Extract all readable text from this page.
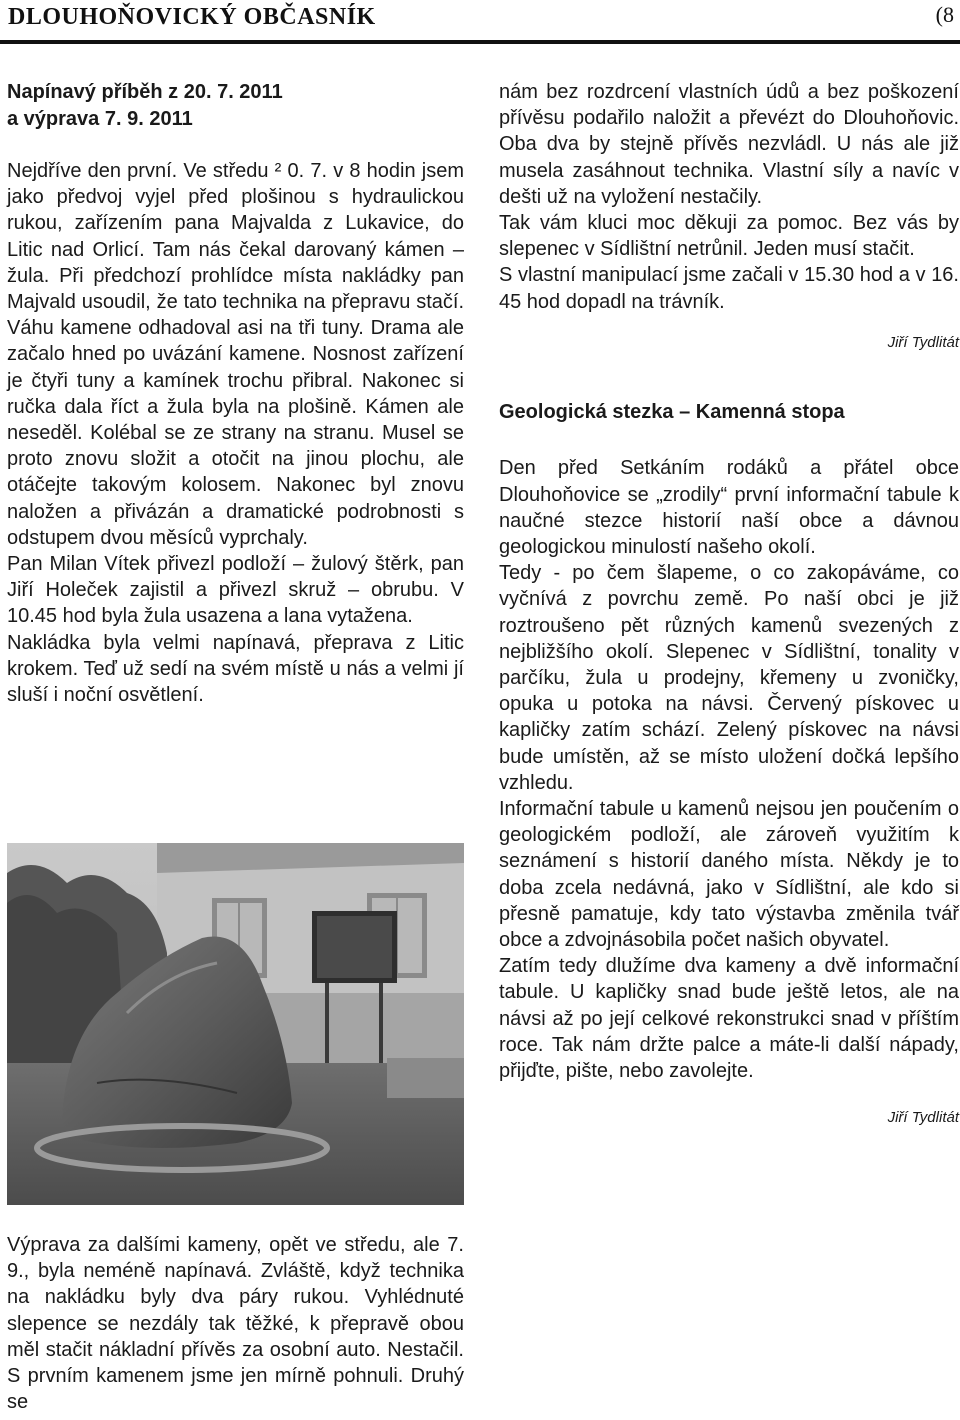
DLOUHOŇOVICKÝ OBČASNÍK	(8

Napínavý příběh z 20. 7. 2011

a výprava 7. 9. 2011

Nejdříve den první. Ve středu ² 0. 7. v 8 hodin jsem jako předvoj vyjel před plošinou s hydraulickou rukou, zařízením pana Majvalda z Lukavice, do Litic nad Orlicí. Tam nás čekal darovaný kámen – žula. Při předchozí prohlídce místa nakládky pan Majvald usoudil, že tato technika na přepravu stačí. Váhu kamene odhadoval asi na tři tuny. Drama ale začalo hned po uvázání kamene. Nosnost zařízení je čtyři tuny a kamínek trochu přibral. Nakonec si ručka dala říct a žula byla na plošině. Kámen ale neseděl. Kolébal se ze strany na stranu. Musel se proto znovu složit a otočit na jinou plochu, ale otáčejte takovým kolosem. Nakonec byl znovu naložen a přivázán a dramatické podrobnosti s odstupem dvou měsíců vyprchaly.

Pan Milan Vítek přivezl podloží – žulový štěrk, pan Jiří Holeček zajistil a přivezl skruž – obrubu. V 10.45 hod byla žula usazena a lana vytažena.

Nakládka byla velmi napínavá, přeprava z Litic krokem. Teď už sedí na svém místě u nás a velmi jí sluší i noční osvětlení.

Výprava za dalšími kameny, opět ve středu, ale 7. 9., byla neméně napínavá. Zvláště, když technika na nakládku byly dva páry rukou. Vyhlédnuté slepence se nezdály tak těžké, k přepravě obou měl stačit nákladní přívěs za osobní auto. Nestačil. S prvním kamenem jsme jen mírně pohnuli. Druhý se

nám bez rozdrcení vlastních údů a bez poškození přívěsu podařilo naložit a převézt do Dlouhoňovic. Oba dva by stejně přívěs nezvládl. U nás ale již musela zasáhnout technika. Vlastní síly a navíc v dešti už na vyložení nestačily.

Tak vám kluci moc děkuji za pomoc. Bez vás by slepenec v Sídlištní netrůnil. Jeden musí stačit.

S vlastní manipulací jsme začali v 15.30 hod a v 16. 45 hod dopadl na trávník.

Jiří Tydlitát

Geologická stezka – Kamenná stopa

Den před Setkáním rodáků a přátel obce Dlouhoňovice se „zrodily“ první informační tabule k naučné stezce historií naší obce a dávnou geologickou minulostí našeho okolí.

Tedy - po čem šlapeme, o co zakopáváme, co vyčnívá z povrchu země. Po naší obci je již roztroušeno pět různých kamenů svezených z nejbližšího okolí. Slepenec v Sídlištní, tonality v parčíku, žula u prodejny, křemeny u zvoničky, opuka u potoka na návsi. Červený pískovec u kapličky zatím schází. Zelený pískovec na návsi bude umístěn, až se místo uložení dočká lepšího vzhledu.

Informační tabule u kamenů nejsou jen poučením o geologickém podloží, ale zároveň využitím k seznámení s historií daného místa. Někdy je to doba zcela nedávná, jako v Sídlištní, ale kdo si přesně pamatuje, kdy tato výstavba změnila tvář obce a zdvojnásobila počet našich obyvatel.

Zatím tedy dlužíme dva kameny a dvě informační tabule. U kapličky snad bude ještě letos, ale na návsi až po její celkové rekonstrukci snad v příštím roce. Tak nám držte palce a máte-li další nápady, přijďte, pište, nebo zavolejte.

Jiří Tydlitát
